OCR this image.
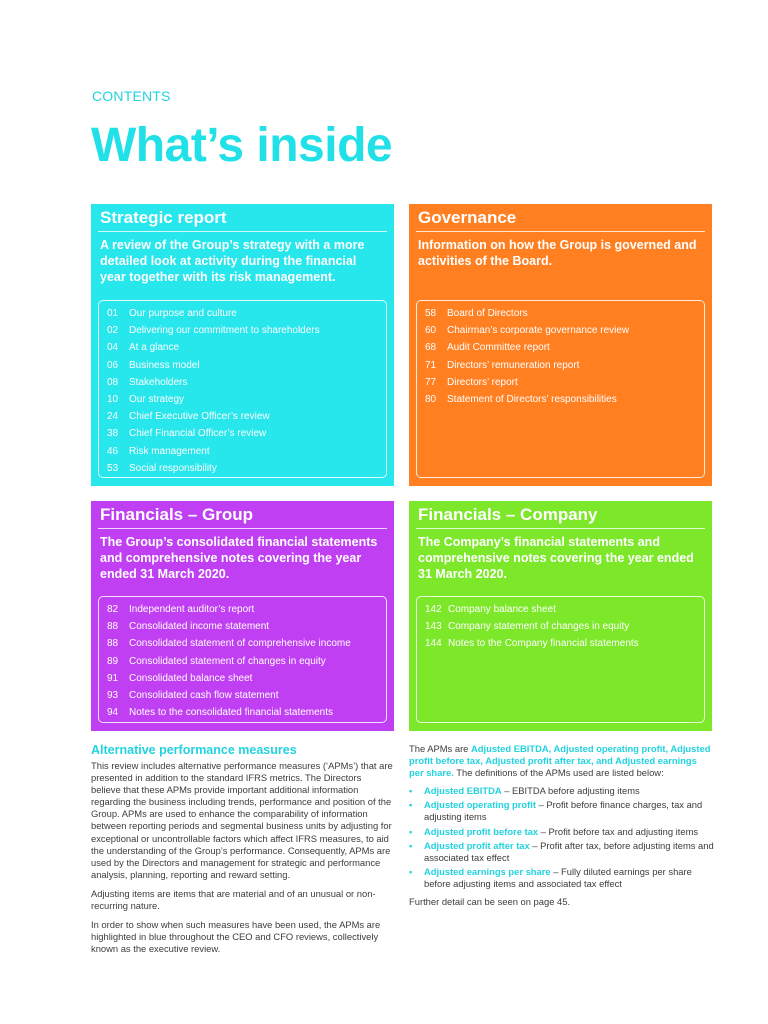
CONTENTS
What’s inside
Strategic report

A review of the Group’s strategy with a more detailed look at activity during the financial year together with its risk management.

01	Our purpose and culture
02	Delivering our commitment to shareholders
04	At a glance
06	Business model
08	Stakeholders
10	Our strategy
24	Chief Executive Officer’s review
38	Chief Financial Officer’s review
46	Risk management
53	Social responsibility
Governance

Information on how the Group is governed and activities of the Board.

58	Board of Directors
60	Chairman’s corporate governance review
68	Audit Committee report
71	Directors’ remuneration report
77	Directors’ report
80	Statement of Directors’ responsibilities
Financials – Group

The Group’s consolidated financial statements and comprehensive notes covering the year ended 31 March 2020.

82	Independent auditor’s report
88	Consolidated income statement
88	Consolidated statement of comprehensive income
89	Consolidated statement of changes in equity
91	Consolidated balance sheet
93	Consolidated cash flow statement
94	Notes to the consolidated financial statements
Financials – Company

The Company’s financial statements and comprehensive notes covering the year ended 31 March 2020.

142 Company balance sheet
143 Company statement of changes in equity
144 Notes to the Company financial statements
Alternative performance measures

This review includes alternative performance measures (‘APMs’) that are presented in addition to the standard IFRS metrics. The Directors believe that these APMs provide important additional information regarding the business including trends, performance and position of the Group. APMs are used to enhance the comparability of information between reporting periods and segmental business units by adjusting for exceptional or uncontrollable factors which affect IFRS measures, to aid the understanding of the Group’s performance. Consequently, APMs are used by the Directors and management for strategic and performance analysis, planning, reporting and reward setting.

Adjusting items are items that are material and of an unusual or non-recurring nature.

In order to show when such measures have been used, the APMs are highlighted in blue throughout the CEO and CFO reviews, collectively known as the executive review.

The APMs are Adjusted EBITDA, Adjusted operating profit, Adjusted profit before tax, Adjusted profit after tax, and Adjusted earnings per share. The definitions of the APMs used are listed below:

• Adjusted EBITDA – EBITDA before adjusting items
• Adjusted operating profit – Profit before finance charges, tax and adjusting items
• Adjusted profit before tax – Profit before tax and adjusting items
• Adjusted profit after tax – Profit after tax, before adjusting items and associated tax effect
• Adjusted earnings per share – Fully diluted earnings per share before adjusting items and associated tax effect

Further detail can be seen on page 45.
